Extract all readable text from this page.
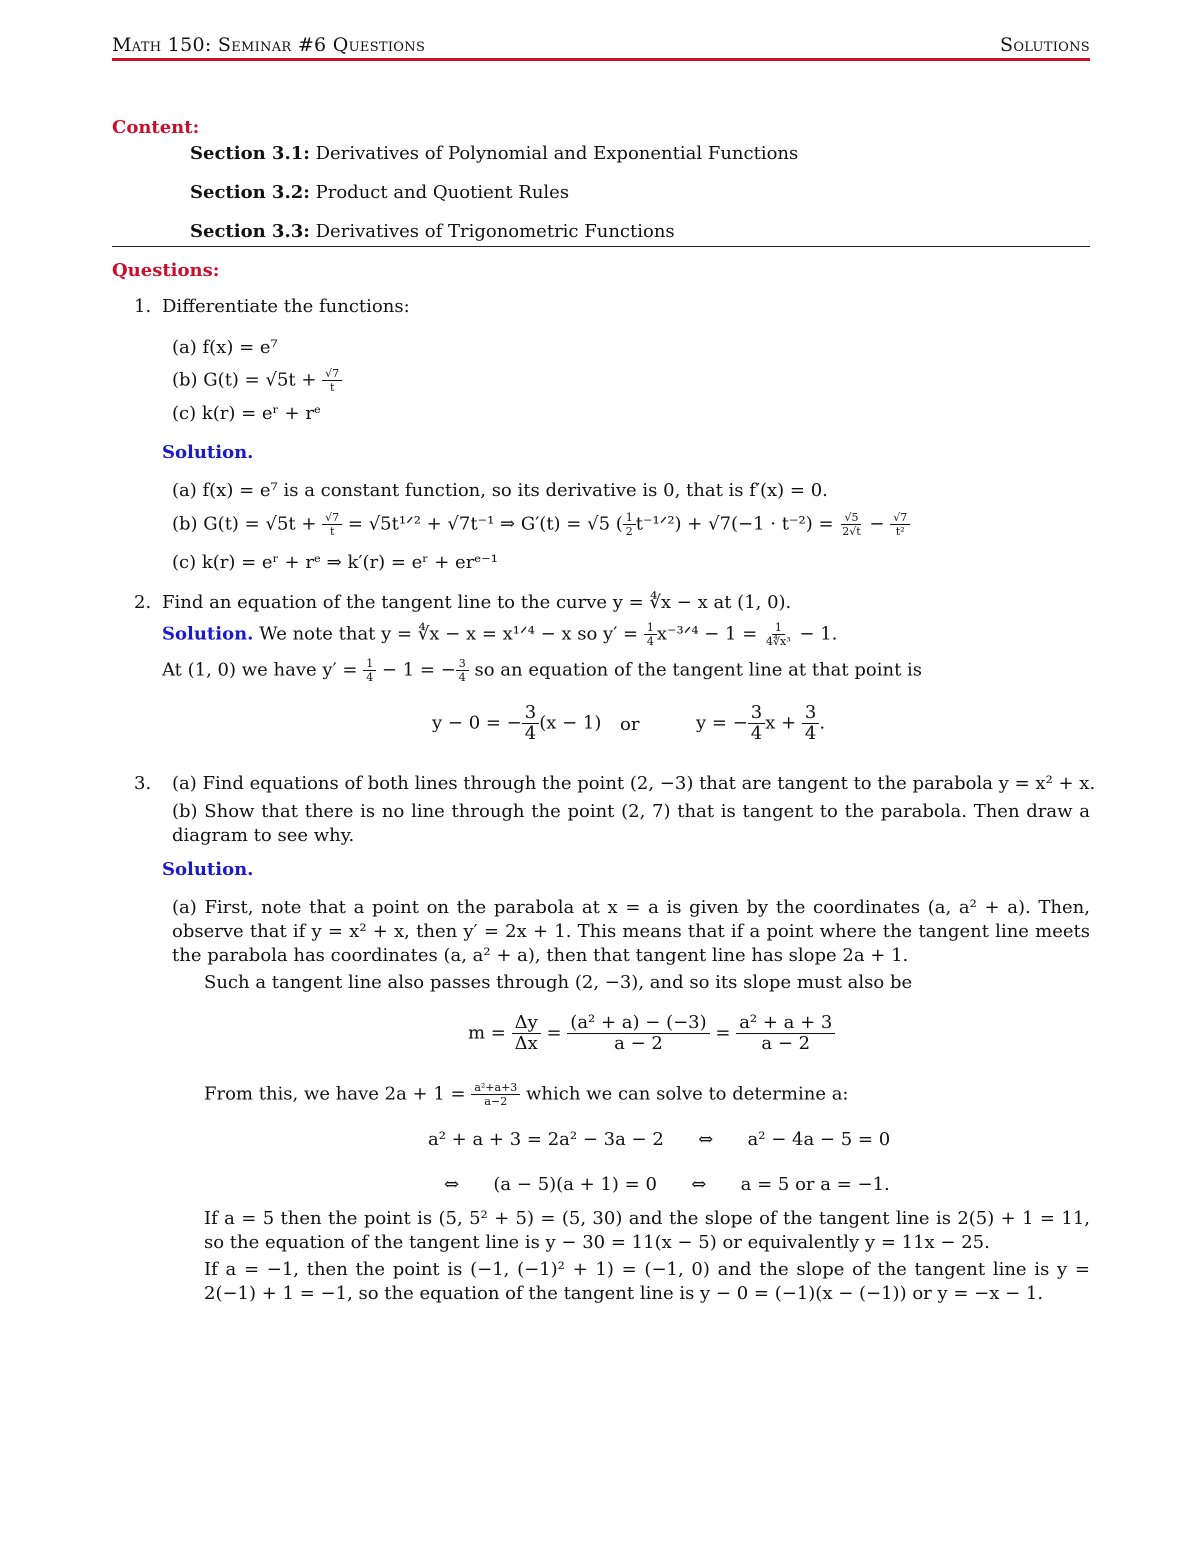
Math 150: Seminar #6 Questions	Solutions
Content:
Section 3.1: Derivatives of Polynomial and Exponential Functions
Section 3.2: Product and Quotient Rules
Section 3.3: Derivatives of Trigonometric Functions
Questions:
1. Differentiate the functions:
(a) f(x) = e⁷
(b) $G(t) = √5t + \frac{√7}{t}$
(c) k(r) = eʳ + rᵉ
Solution.
(a) f(x) = e⁷ is a constant function, so its derivative is 0, that is f′(x) = 0.
(b) $G(t) = √5t + \frac{√7}{t}$ = √5t¹ᐟ² + √7t⁻¹ ⇒ G′(t) = √5 ( $\frac{1}{2}$ t⁻¹ᐟ²) + $√7(-1 \cdot t^{-2}) = \frac{√5}{2√t} - \frac{√7}{\text{t²}}$
(c) k(r) = eʳ + rᵉ ⇒ k′(r) = eʳ + erᵉ⁻¹
2. Find an equation of the tangent line to the curve y = ∜x − x at (1, 0).
Solution. We note that y = ∜x − x = x¹ᐟ⁴ − x so $y' = \frac{1}{4}$ x⁻³ᐟ⁴ − $1 = \frac{1}{\text{4∜x³}} - 1$.
At (1, 0) we have $y' = \frac{1}{4} - 1$ = − $\frac{3}{4}$ so an equation of the tangent line at that point is
y − 0 = − $\frac{3}{4} (x - 1)$ or	y = − $\frac{3}{4}$ $x + \frac{3}{4}$ .
3. (a) Find equations of both lines through the point (2, −3) that are tangent to the parabola y = x² + x.
(b) Show that there is no line through the point (2, 7) that is tangent to the parabola. Then draw a diagram to see why.
Solution.
(a) First, note that a point on the parabola at x = a is given by the coordinates (a, a² + a). Then, observe that if y = x² + x, then y′ = 2x + 1. This means that if a point where the tangent line meets the parabola has coordinates (a, a² + a), then that tangent line has slope 2a + 1.
Such a tangent line also passes through (2, −3), and so its slope must also be
$m = \frac{\Delta y}{\Delta x} = \frac{\text{(a² + a) − (−3)}}{a - 2} = \frac{\text{a² + a + 3}}{a - 2}$
From this, we have $2a + 1 = \frac{\text{a²+a+3}}{a-2}$ which we can solve to determine a:
a² + a + 3 = 2a² − 3a − 2      ⇔      a² − 4a − 5 = 0
⇔      (a − 5)(a + 1) = 0      ⇔      a = 5 or a = −1.
If a = 5 then the point is (5, 5² + 5) = (5, 30) and the slope of the tangent line is 2(5) + 1 = 11, so the equation of the tangent line is y − 30 = 11(x − 5) or equivalently y = 11x − 25.
If a = −1, then the point is (−1, (−1)² + 1) = (−1, 0) and the slope of the tangent line is y = 2(−1) + 1 = −1, so the equation of the tangent line is y − 0 = (−1)(x − (−1)) or y = −x − 1.
